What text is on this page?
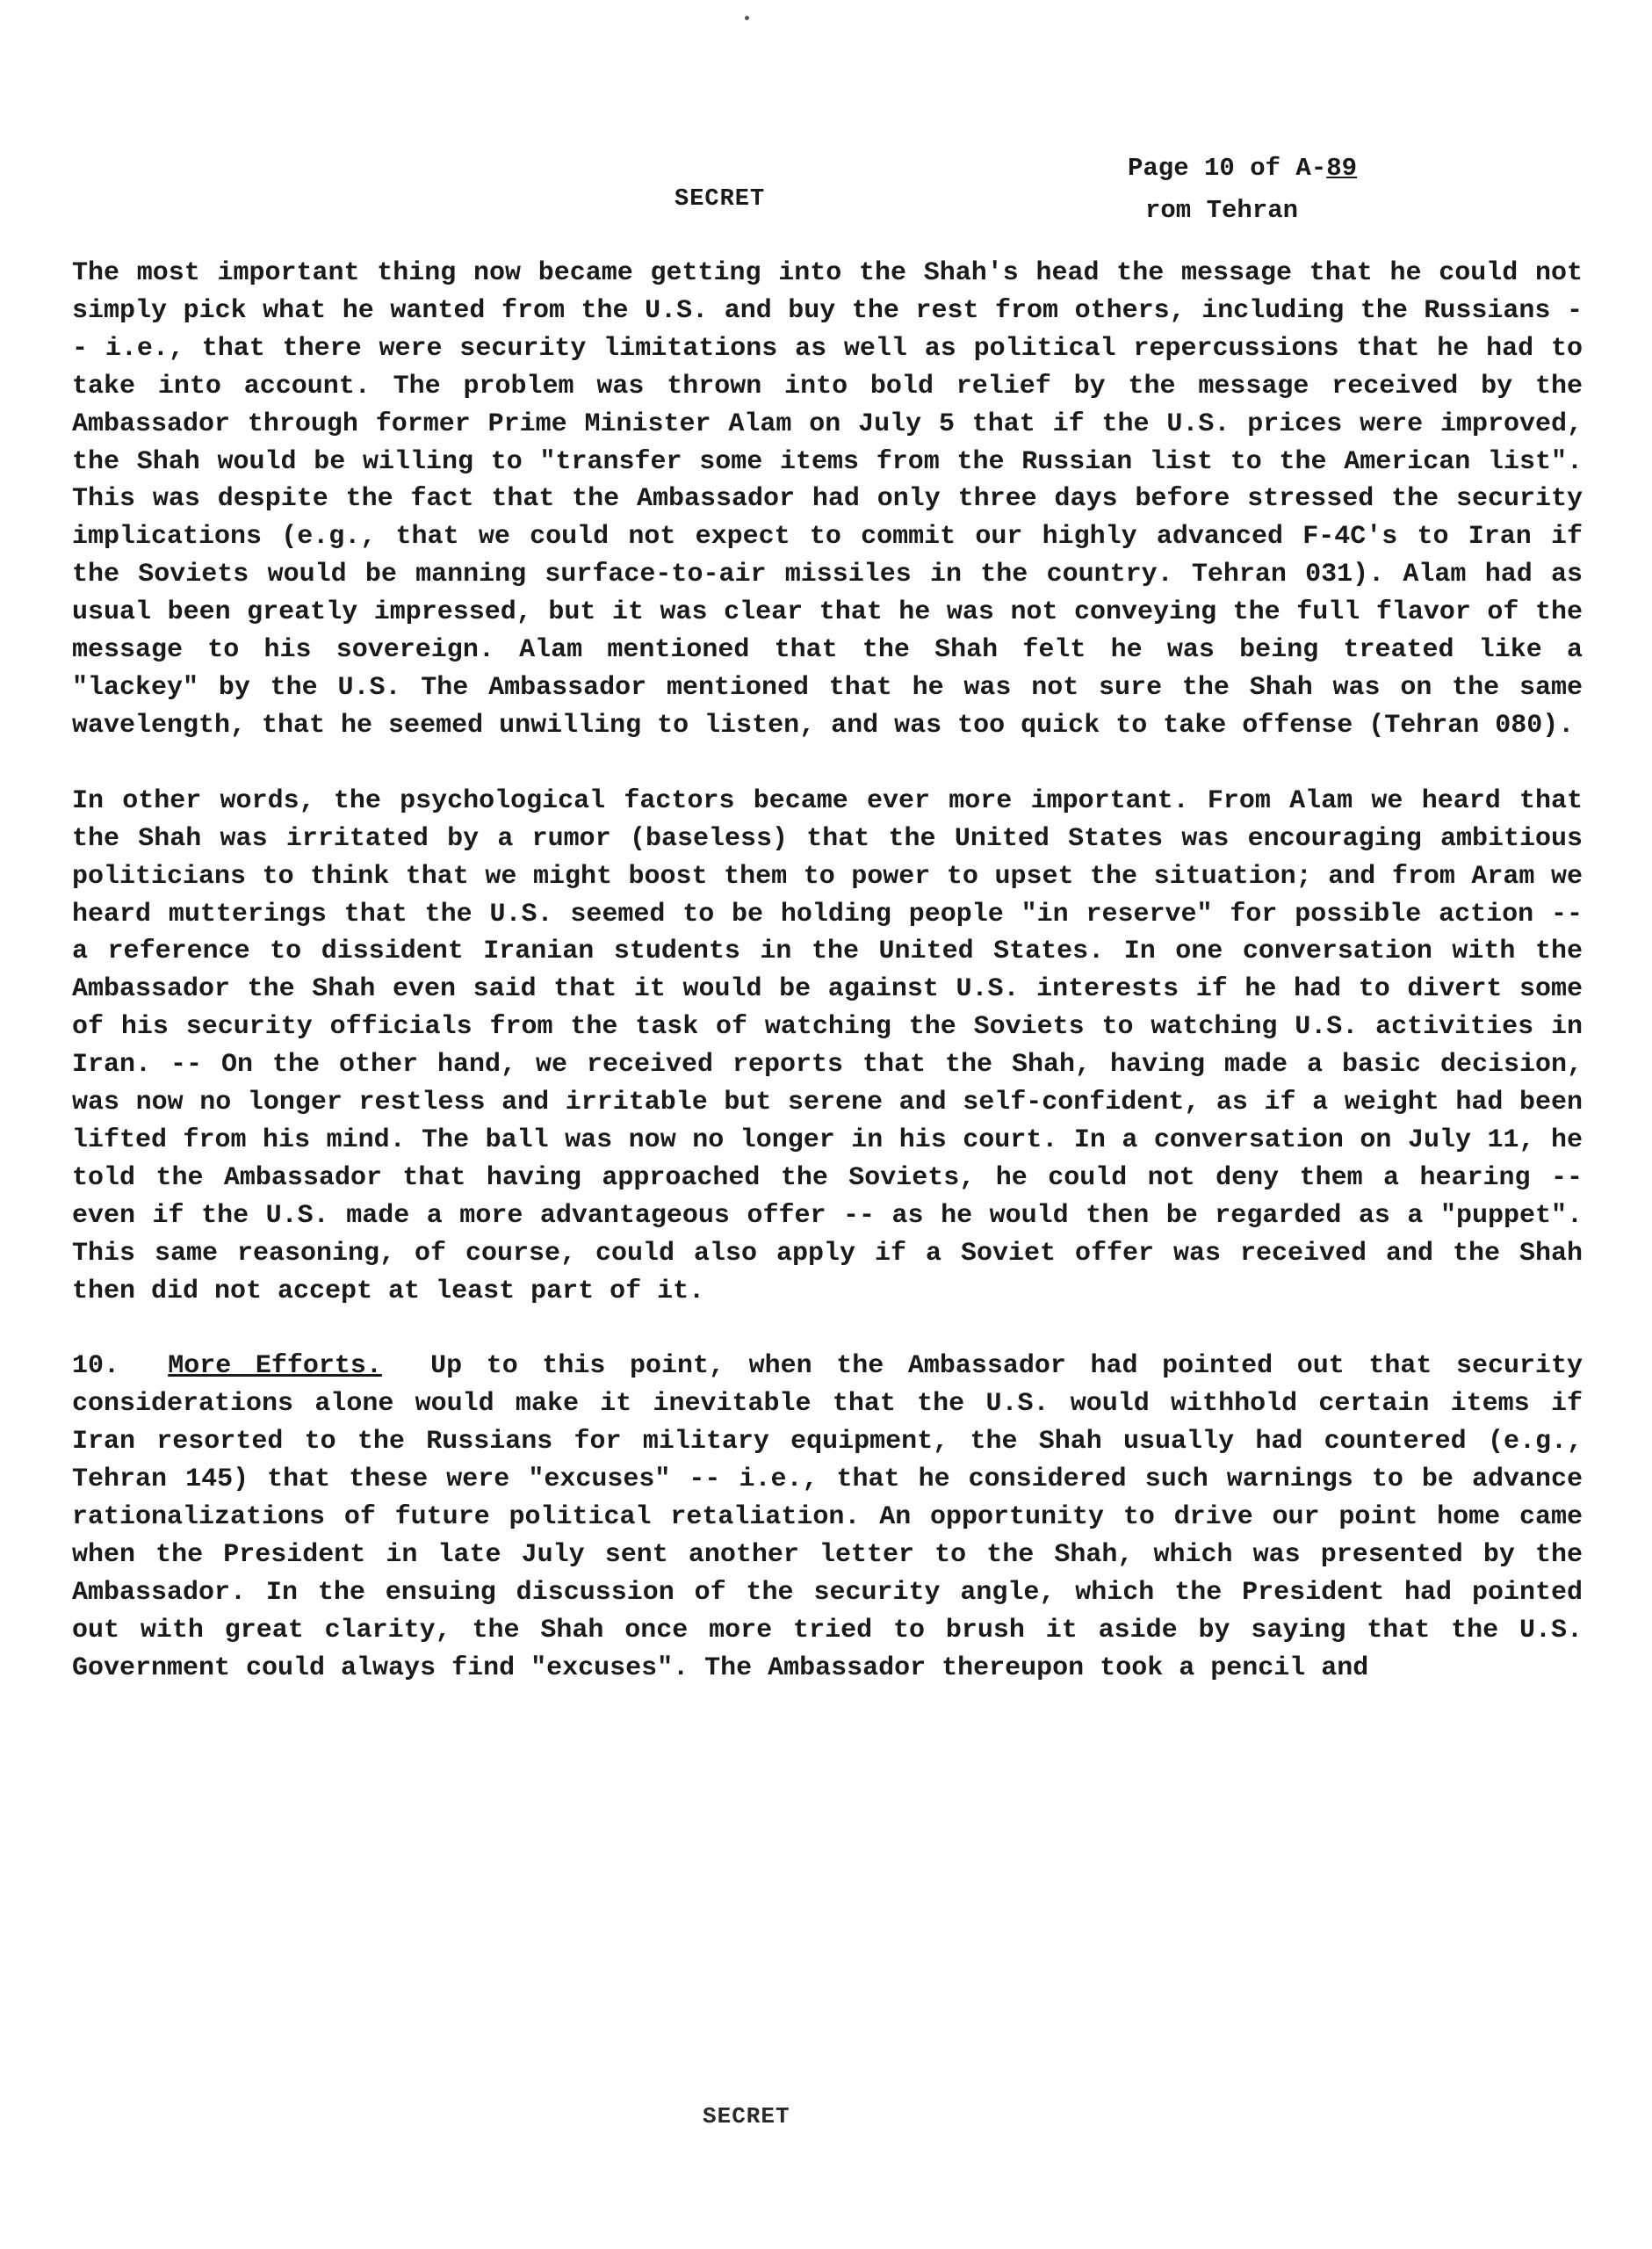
SECRET
Page 10 of A-89
rom Tehran

The most important thing now became getting into the Shah's head the message that he could not simply pick what he wanted from the U.S. and buy the rest from others, including the Russians -- i.e., that there were security limitations as well as political repercussions that he had to take into account. The problem was thrown into bold relief by the message received by the Ambassador through former Prime Minister Alam on July 5 that if the U.S. prices were improved, the Shah would be willing to "transfer some items from the Russian list to the American list". This was despite the fact that the Ambassador had only three days before stressed the security implications (e.g., that we could not expect to commit our highly advanced F-4C's to Iran if the Soviets would be manning surface-to-air missiles in the country. Tehran 031). Alam had as usual been greatly impressed, but it was clear that he was not conveying the full flavor of the message to his sovereign. Alam mentioned that the Shah felt he was being treated like a "lackey" by the U.S. The Ambassador mentioned that he was not sure the Shah was on the same wavelength, that he seemed unwilling to listen, and was too quick to take offense (Tehran 080).

In other words, the psychological factors became ever more important. From Alam we heard that the Shah was irritated by a rumor (baseless) that the United States was encouraging ambitious politicians to think that we might boost them to power to upset the situation; and from Aram we heard mutterings that the U.S. seemed to be holding people "in reserve" for possible action -- a reference to dissident Iranian students in the United States. In one conversation with the Ambassador the Shah even said that it would be against U.S. interests if he had to divert some of his security officials from the task of watching the Soviets to watching U.S. activities in Iran. -- On the other hand, we received reports that the Shah, having made a basic decision, was now no longer restless and irritable but serene and self-confident, as if a weight had been lifted from his mind. The ball was now no longer in his court. In a conversation on July 11, he told the Ambassador that having approached the Soviets, he could not deny them a hearing -- even if the U.S. made a more advantageous offer -- as he would then be regarded as a "puppet". This same reasoning, of course, could also apply if a Soviet offer was received and the Shah then did not accept at least part of it.

10. More Efforts. Up to this point, when the Ambassador had pointed out that security considerations alone would make it inevitable that the U.S. would withhold certain items if Iran resorted to the Russians for military equipment, the Shah usually had countered (e.g., Tehran 145) that these were "excuses" -- i.e., that he considered such warnings to be advance rationalizations of future political retaliation. An opportunity to drive our point home came when the President in late July sent another letter to the Shah, which was presented by the Ambassador. In the ensuing discussion of the security angle, which the President had pointed out with great clarity, the Shah once more tried to brush it aside by saying that the U.S. Government could always find "excuses". The Ambassador thereupon took a pencil and

SECRET
